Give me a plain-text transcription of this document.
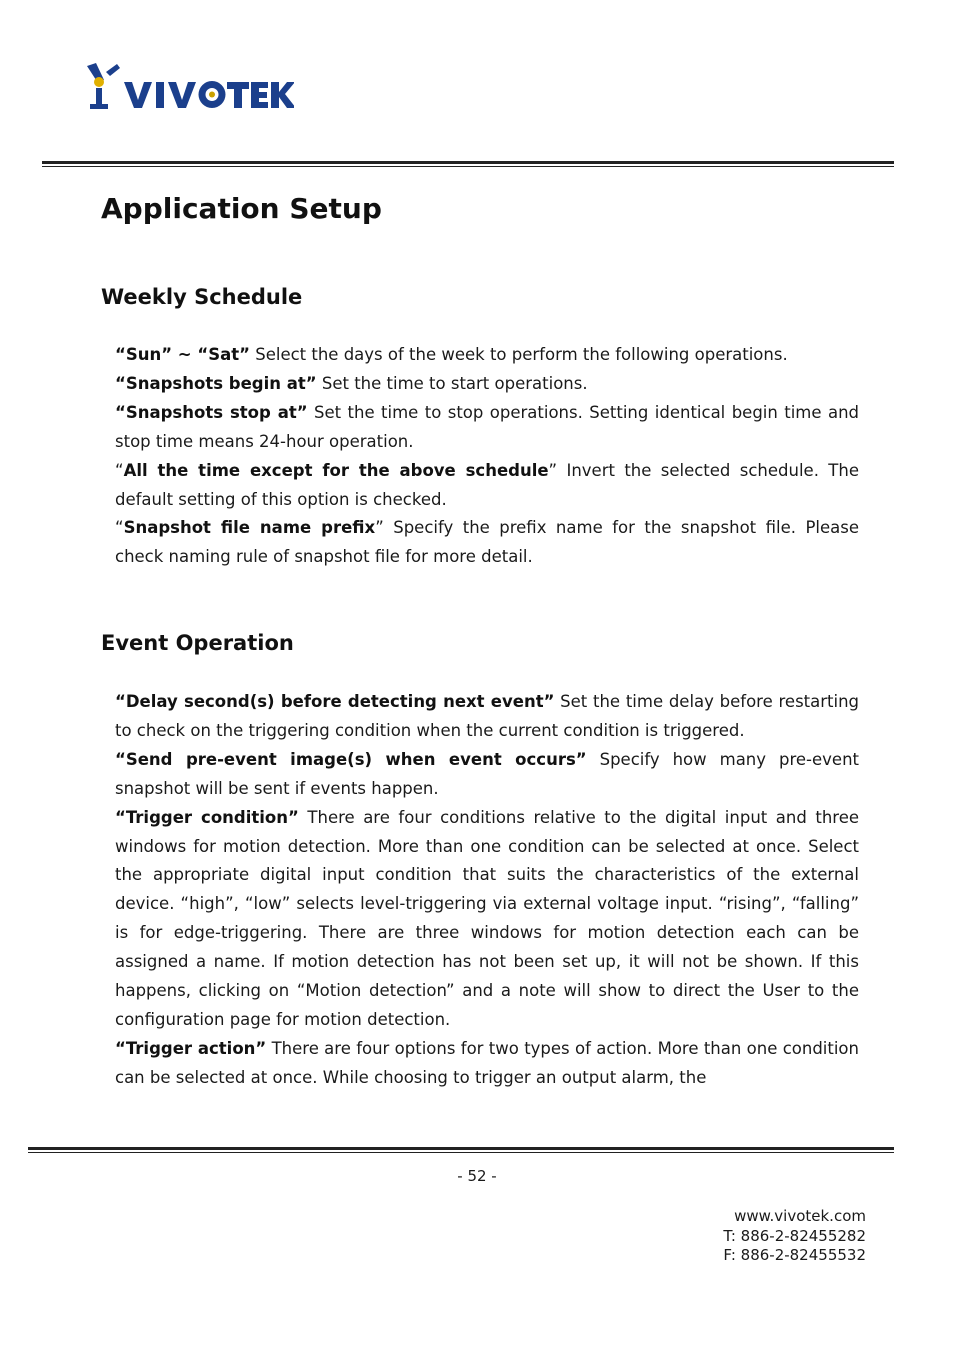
Application Setup
Weekly Schedule

“Sun” ~ “Sat” Select the days of the week to perform the following operations.

“Snapshots begin at” Set the time to start operations.

“Snapshots stop at” Set the time to stop operations. Setting identical begin time and stop time means 24-hour operation.

“All the time except for the above schedule” Invert the selected schedule. The default setting of this option is checked.

“Snapshot file name prefix” Specify the prefix name for the snapshot file. Please check naming rule of snapshot file for more detail.

Event Operation

“Delay second(s) before detecting next event” Set the time delay before restarting to check on the triggering condition when the current condition is triggered.

“Send pre-event image(s) when event occurs” Specify how many pre-event snapshot will be sent if events happen.

“Trigger condition” There are four conditions relative to the digital input and three windows for motion detection. More than one condition can be selected at once. Select the appropriate digital input condition that suits the characteristics of the external device. “high”, “low” selects level-triggering via external voltage input. “rising”, “falling” is for edge-triggering. There are three windows for motion detection each can be assigned a name. If motion detection has not been set up, it will not be shown. If this happens, clicking on “Motion detection” and a note will show to direct the User to the configuration page for motion detection.

“Trigger action” There are four options for two types of action. More than one condition can be selected at once. While choosing to trigger an output alarm, the

- 52 -
www.vivotek.com
T: 886-2-82455282
F: 886-2-82455532
